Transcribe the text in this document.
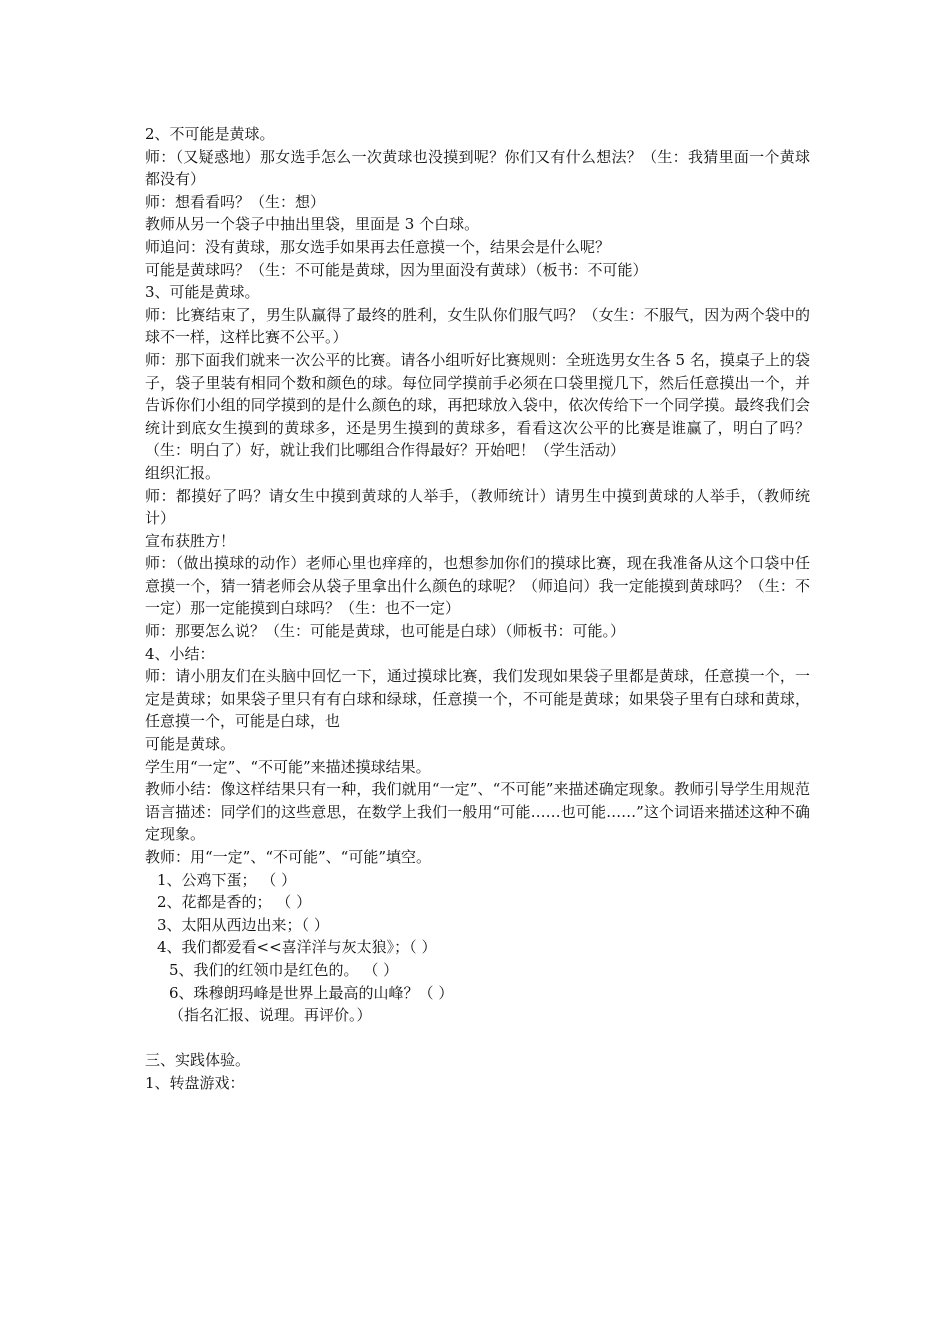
2、不可能是黄球。

师：（又疑惑地）那女选手怎么一次黄球也没摸到呢？你们又有什么想法？（生：我猜里面一个黄球都没有）

师：想看看吗？（生：想）

教师从另一个袋子中抽出里袋，里面是 3 个白球。

师追问：没有黄球，那女选手如果再去任意摸一个，结果会是什么呢？

可能是黄球吗？（生：不可能是黄球，因为里面没有黄球）（板书：不可能）

3、可能是黄球。

师：比赛结束了，男生队赢得了最终的胜利，女生队你们服气吗？（女生：不服气，因为两个袋中的球不一样，这样比赛不公平。）

师：那下面我们就来一次公平的比赛。请各小组听好比赛规则：全班选男女生各 5 名，摸桌子上的袋子，袋子里装有相同个数和颜色的球。每位同学摸前手必须在口袋里搅几下，然后任意摸出一个，并告诉你们小组的同学摸到的是什么颜色的球，再把球放入袋中，依次传给下一个同学摸。最终我们会统计到底女生摸到的黄球多，还是男生摸到的黄球多，看看这次公平的比赛是谁赢了，明白了吗？（生：明白了）好，就让我们比哪组合作得最好？开始吧！（学生活动）

组织汇报。

师：都摸好了吗？请女生中摸到黄球的人举手，（教师统计）请男生中摸到黄球的人举手，（教师统计）

宣布获胜方！

师：（做出摸球的动作）老师心里也痒痒的，也想参加你们的摸球比赛，现在我准备从这个口袋中任意摸一个，猜一猜老师会从袋子里拿出什么颜色的球呢？（师追问）我一定能摸到黄球吗？（生：不一定）那一定能摸到白球吗？（生：也不一定）

师：那要怎么说？（生：可能是黄球，也可能是白球）（师板书：可能。）

4、小结：

师：请小朋友们在头脑中回忆一下，通过摸球比赛，我们发现如果袋子里都是黄球，任意摸一个，一定是黄球；如果袋子里只有有白球和绿球，任意摸一个，不可能是黄球；如果袋子里有白球和黄球，任意摸一个，可能是白球，也

可能是黄球。

学生用“一定”、“不可能”来描述摸球结果。

教师小结：像这样结果只有一种，我们就用“一定”、“不可能”来描述确定现象。教师引导学生用规范语言描述：同学们的这些意思，在数学上我们一般用“可能……也可能……”这个词语来描述这种不确定现象。

教师：用“一定”、“不可能”、“可能”填空。

1、公鸡下蛋； （ ）

2、花都是香的； （ ）

3、太阳从西边出来；（ ）

4、我们都爱看<<喜洋洋与灰太狼》；（ ）

5、我们的红领巾是红色的。 （ ）

6、珠穆朗玛峰是世界上最高的山峰？（ ）

（指名汇报、说理。再评价。）

三、实践体验。

1、转盘游戏：
